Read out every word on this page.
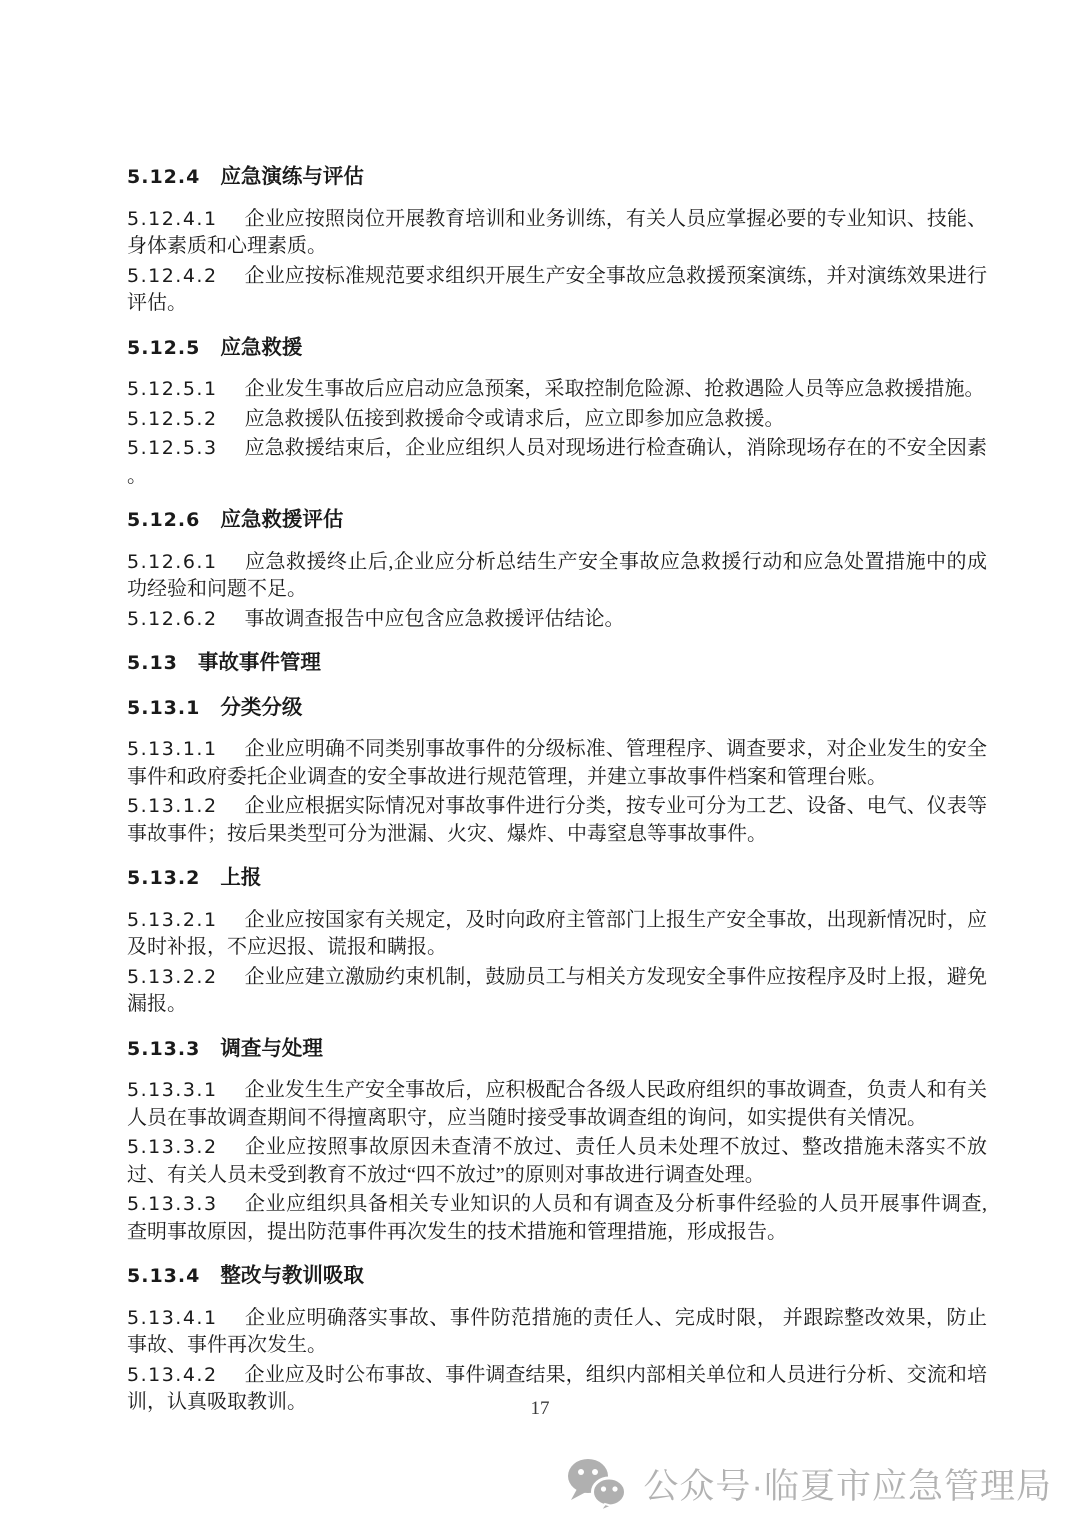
5.12.4 应急演练与评估

5.12.4.1 企业应按照岗位开展教育培训和业务训练，有关人员应掌握必要的专业知识、技能、身体素质和心理素质。

5.12.4.2 企业应按标准规范要求组织开展生产安全事故应急救援预案演练，并对演练效果进行评估。

5.12.5 应急救援

5.12.5.1 企业发生事故后应启动应急预案，采取控制危险源、抢救遇险人员等应急救援措施。

5.12.5.2 应急救援队伍接到救援命令或请求后，应立即参加应急救援。

5.12.5.3 应急救援结束后，企业应组织人员对现场进行检查确认，消除现场存在的不安全因素 。

5.12.6 应急救援评估

5.12.6.1 应急救援终止后,企业应分析总结生产安全事故应急救援行动和应急处置措施中的成功经验和问题不足。

5.12.6.2 事故调查报告中应包含应急救援评估结论。

5.13 事故事件管理
5.13.1 分类分级

5.13.1.1 企业应明确不同类别事故事件的分级标准、管理程序、调查要求，对企业发生的安全事件和政府委托企业调查的安全事故进行规范管理，并建立事故事件档案和管理台账。

5.13.1.2 企业应根据实际情况对事故事件进行分类，按专业可分为工艺、设备、电气、仪表等事故事件；按后果类型可分为泄漏、火灾、爆炸、中毒窒息等事故事件。

5.13.2 上报

5.13.2.1 企业应按国家有关规定，及时向政府主管部门上报生产安全事故，出现新情况时，应及时补报，不应迟报、谎报和瞒报。

5.13.2.2 企业应建立激励约束机制，鼓励员工与相关方发现安全事件应按程序及时上报，避免漏报。

5.13.3 调查与处理

5.13.3.1 企业发生生产安全事故后，应积极配合各级人民政府组织的事故调查，负责人和有关人员在事故调查期间不得擅离职守，应当随时接受事故调查组的询问，如实提供有关情况。

5.13.3.2 企业应按照事故原因未查清不放过、责任人员未处理不放过、整改措施未落实不放过、有关人员未受到教育不放过“四不放过”的原则对事故进行调查处理。

5.13.3.3 企业应组织具备相关专业知识的人员和有调查及分析事件经验的人员开展事件调查,查明事故原因，提出防范事件再次发生的技术措施和管理措施，形成报告。

5.13.4 整改与教训吸取

5.13.4.1 企业应明确落实事故、事件防范措施的责任人、完成时限， 并跟踪整改效果，防止事故、事件再次发生。

5.13.4.2 企业应及时公布事故、事件调查结果，组织内部相关单位和人员进行分析、交流和培训，认真吸取教训。	17
公众号·临夏市应急管理局
